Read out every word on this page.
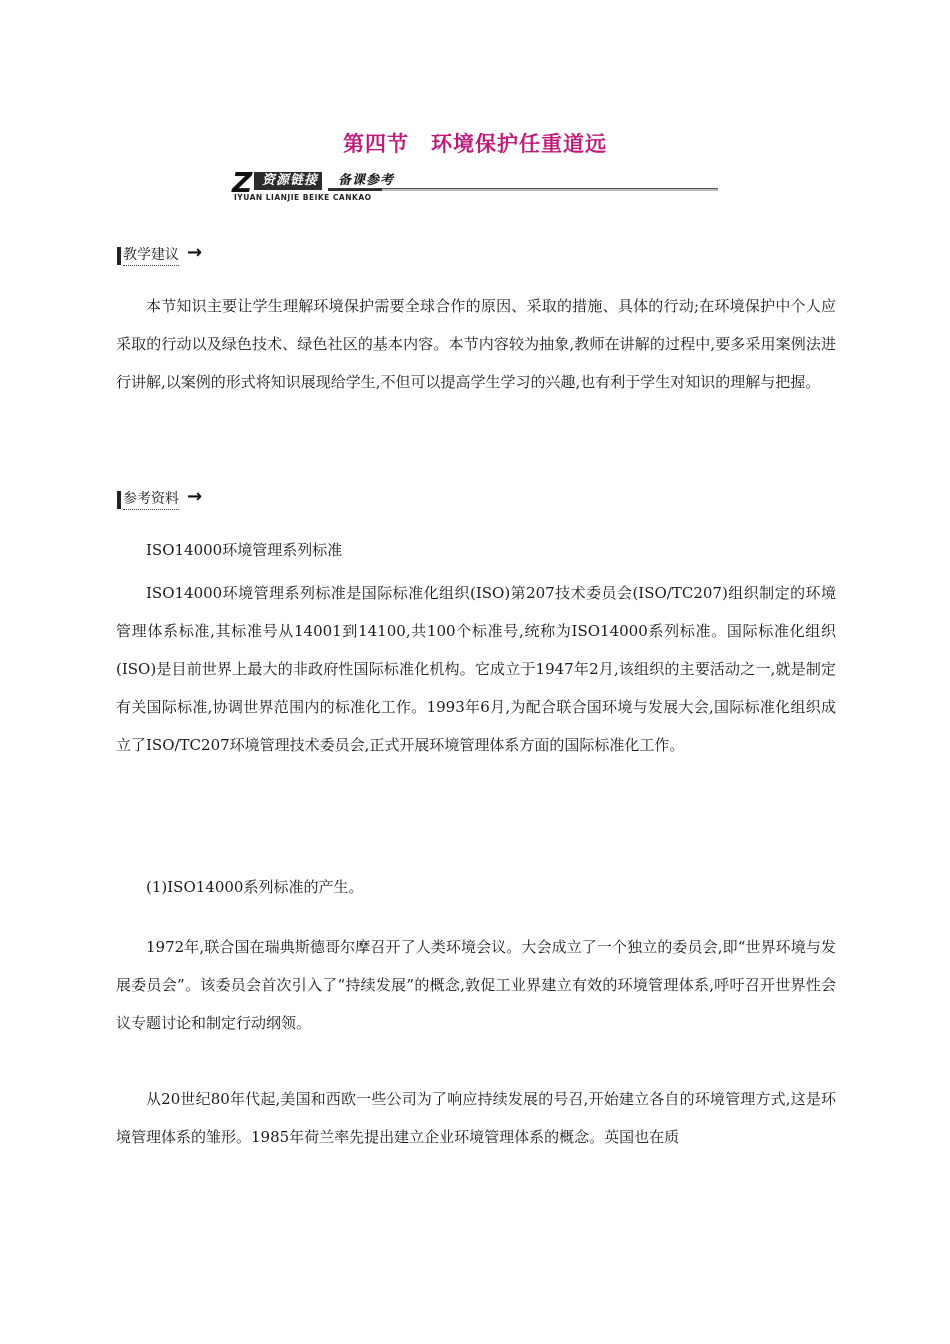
第四节　环境保护任重道远
Z 资源链接	备课参考
IYUAN LIANJIE BEIKE CANKAO
教学建议 →

本节知识主要让学生理解环境保护需要全球合作的原因、采取的措施、具体的行动;在环境保护中个人应采取的行动以及绿色技术、绿色社区的基本内容。本节内容较为抽象,教师在讲解的过程中,要多采用案例法进行讲解,以案例的形式将知识展现给学生,不但可以提高学生学习的兴趣,也有利于学生对知识的理解与把握。

参考资料 →
ISO14000环境管理系列标准

ISO14000环境管理系列标准是国际标准化组织(ISO)第207技术委员会(ISO/TC207)组织制定的环境管理体系标准,其标准号从14001到14100,共100个标准号,统称为ISO14000系列标准。国际标准化组织(ISO)是目前世界上最大的非政府性国际标准化机构。它成立于1947年2月,该组织的主要活动之一,就是制定有关国际标准,协调世界范围内的标准化工作。1993年6月,为配合联合国环境与发展大会,国际标准化组织成立了ISO/TC207环境管理技术委员会,正式开展环境管理体系方面的国际标准化工作。

(1)ISO14000系列标准的产生。

1972年,联合国在瑞典斯德哥尔摩召开了人类环境会议。大会成立了一个独立的委员会,即“世界环境与发展委员会”。该委员会首次引入了“持续发展”的概念,敦促工业界建立有效的环境管理体系,呼吁召开世界性会议专题讨论和制定行动纲领。

从20世纪80年代起,美国和西欧一些公司为了响应持续发展的号召,开始建立各自的环境管理方式,这是环境管理体系的雏形。1985年荷兰率先提出建立企业环境管理体系的概念。英国也在质
